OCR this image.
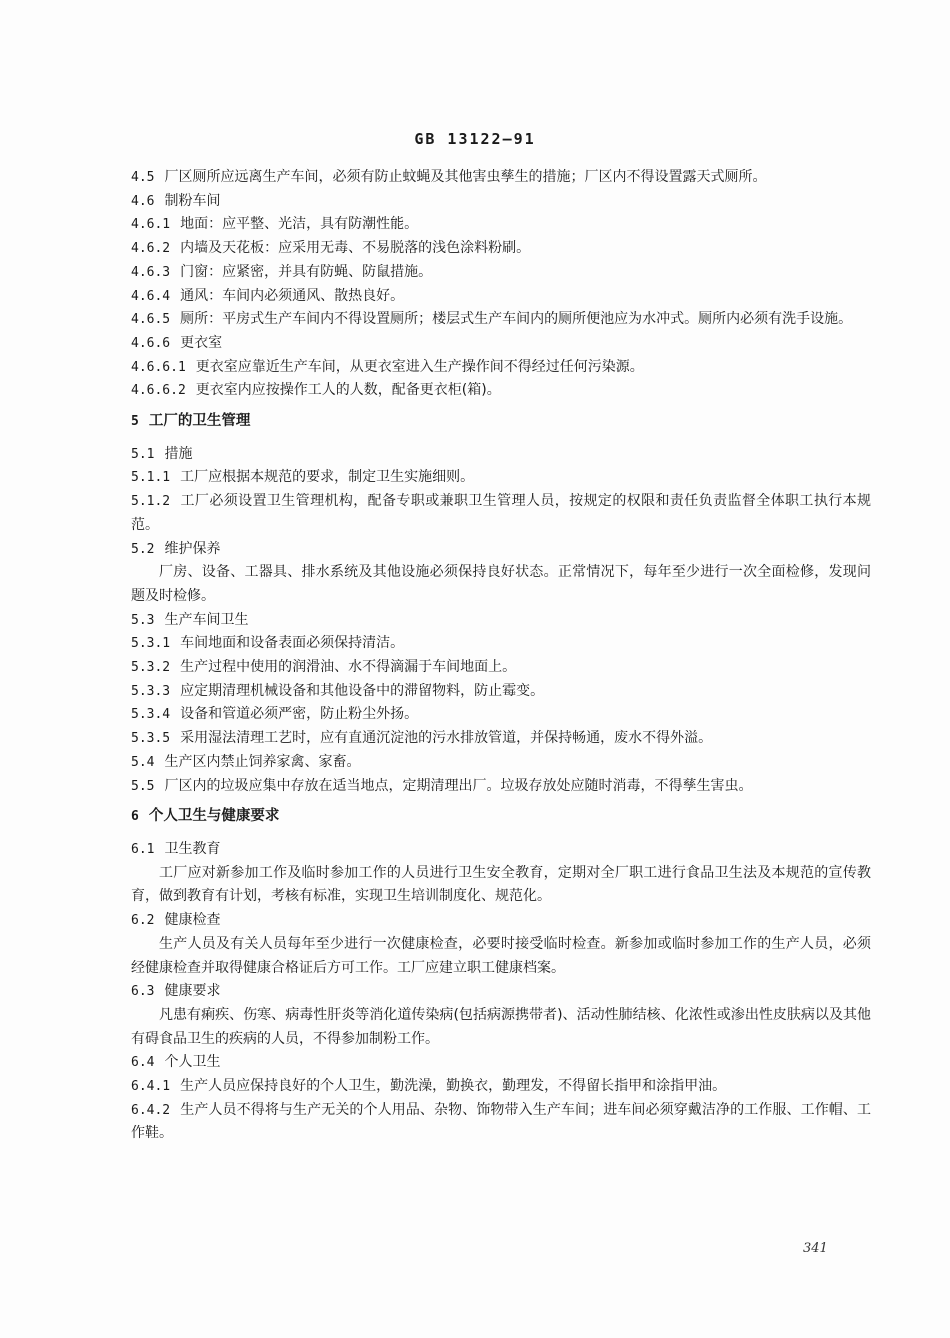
GB 13122—91

4.5 厂区厕所应远离生产车间，必须有防止蚊蝇及其他害虫孳生的措施；厂区内不得设置露天式厕所。

4.6 制粉车间

4.6.1 地面：应平整、光洁，具有防潮性能。

4.6.2 内墙及天花板：应采用无毒、不易脱落的浅色涂料粉刷。

4.6.3 门窗：应紧密，并具有防蝇、防鼠措施。

4.6.4 通风：车间内必须通风、散热良好。

4.6.5 厕所：平房式生产车间内不得设置厕所；楼层式生产车间内的厕所便池应为水冲式。厕所内必须有洗手设施。

4.6.6 更衣室

4.6.6.1 更衣室应靠近生产车间，从更衣室进入生产操作间不得经过任何污染源。

4.6.6.2 更衣室内应按操作工人的人数，配备更衣柜(箱)。

5 工厂的卫生管理

5.1 措施

5.1.1 工厂应根据本规范的要求，制定卫生实施细则。

5.1.2 工厂必须设置卫生管理机构，配备专职或兼职卫生管理人员，按规定的权限和责任负责监督全体职工执行本规范。

5.2 维护保养

厂房、设备、工器具、排水系统及其他设施必须保持良好状态。正常情况下，每年至少进行一次全面检修，发现问题及时检修。

5.3 生产车间卫生

5.3.1 车间地面和设备表面必须保持清洁。

5.3.2 生产过程中使用的润滑油、水不得滴漏于车间地面上。

5.3.3 应定期清理机械设备和其他设备中的滞留物料，防止霉变。

5.3.4 设备和管道必须严密，防止粉尘外扬。

5.3.5 采用湿法清理工艺时，应有直通沉淀池的污水排放管道，并保持畅通，废水不得外溢。

5.4 生产区内禁止饲养家禽、家畜。

5.5 厂区内的垃圾应集中存放在适当地点，定期清理出厂。垃圾存放处应随时消毒，不得孳生害虫。

6 个人卫生与健康要求

6.1 卫生教育

工厂应对新参加工作及临时参加工作的人员进行卫生安全教育，定期对全厂职工进行食品卫生法及本规范的宣传教育，做到教育有计划，考核有标准，实现卫生培训制度化、规范化。

6.2 健康检查

生产人员及有关人员每年至少进行一次健康检查，必要时接受临时检查。新参加或临时参加工作的生产人员，必须经健康检查并取得健康合格证后方可工作。工厂应建立职工健康档案。

6.3 健康要求

凡患有痢疾、伤寒、病毒性肝炎等消化道传染病(包括病源携带者)、活动性肺结核、化浓性或渗出性皮肤病以及其他有碍食品卫生的疾病的人员，不得参加制粉工作。

6.4 个人卫生

6.4.1 生产人员应保持良好的个人卫生，勤洗澡，勤换衣，勤理发，不得留长指甲和涂指甲油。

6.4.2 生产人员不得将与生产无关的个人用品、杂物、饰物带入生产车间；进车间必须穿戴洁净的工作服、工作帽、工作鞋。

341
